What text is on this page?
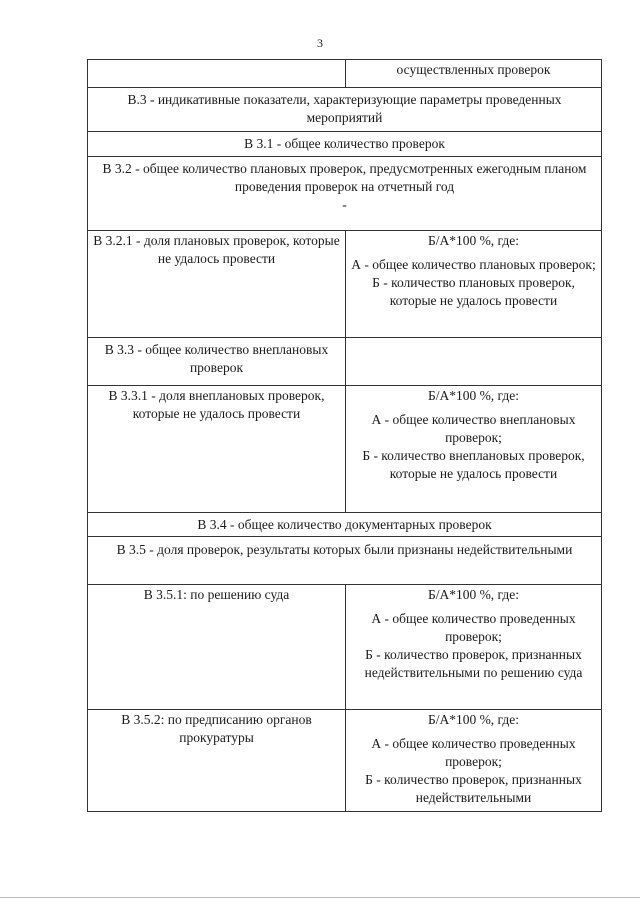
3
	осуществленных проверок
В.3 - индикативные показатели, характеризующие параметры проведенных мероприятий	
В 3.1 - общее количество проверок	
В 3.2 - общее количество плановых проверок, предусмотренных ежегодным планом проведения проверок на отчетный год
-	

В 3.2.1 - доля плановых проверок, которые не удалось провести	Б/А*100 %, где:
А - общее количество плановых проверок;
Б - количество плановых проверок, которые не удалось провести

В 3.3 - общее количество внеплановых проверок	
В 3.3.1 - доля внеплановых проверок, которые не удалось провести	Б/А*100 %, где:
А - общее количество внеплановых проверок;
Б - количество внеплановых проверок, которые не удалось провести

В 3.4 - общее количество документарных проверок	
В 3.5 - доля проверок, результаты которых были признаны недействительными	
В 3.5.1: по решению суда	Б/А*100 %, где:
А - общее количество проведенных проверок;
Б - количество проверок, признанных недействительными по решению суда

В 3.5.2: по предписанию органов прокуратуры	Б/А*100 %, где:
А - общее количество проведенных проверок;
Б - количество проверок, признанных недействительными
